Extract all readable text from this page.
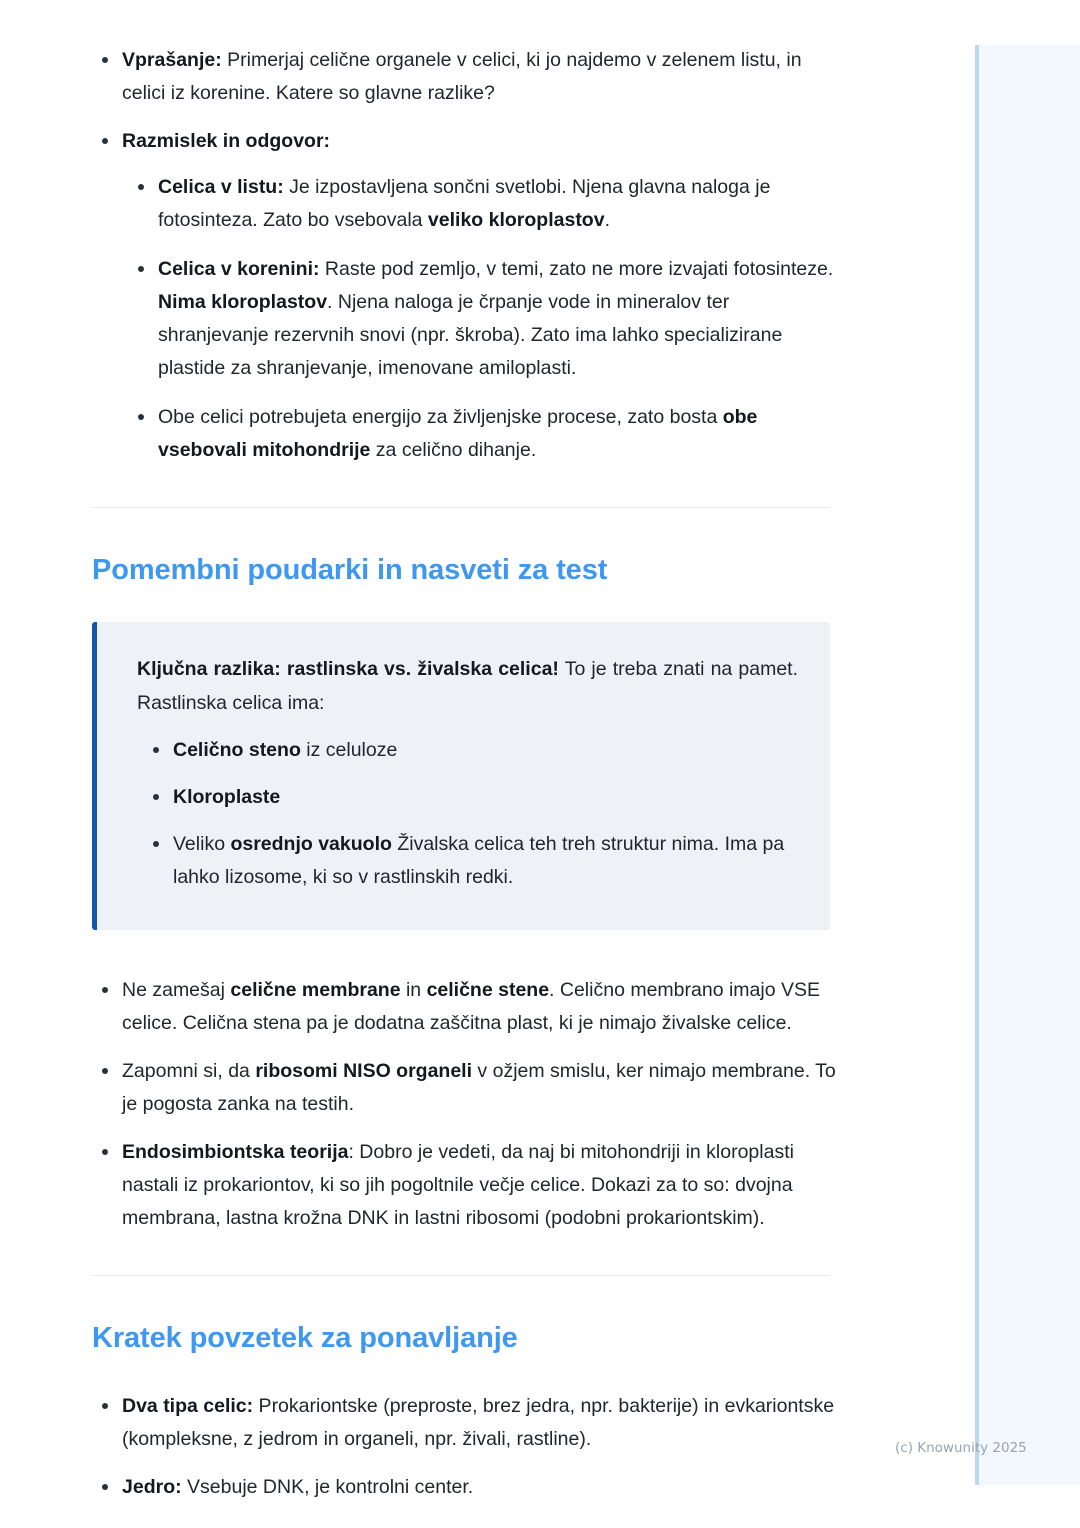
Vprašanje: Primerjaj celične organele v celici, ki jo najdemo v zelenem listu, in celici iz korenine. Katere so glavne razlike?
Razmislek in odgovor:
Celica v listu: Je izpostavljena sončni svetlobi. Njena glavna naloga je fotosinteza. Zato bo vsebovala veliko kloroplastov.
Celica v korenini: Raste pod zemljo, v temi, zato ne more izvajati fotosinteze. Nima kloroplastov. Njena naloga je črpanje vode in mineralov ter shranjevanje rezervnih snovi (npr. škroba). Zato ima lahko specializirane plastide za shranjevanje, imenovane amiloplasti.
Obe celici potrebujeta energijo za življenjske procese, zato bosta obe vsebovali mitohondrije za celično dihanje.
Pomembni poudarki in nasveti za test

Ključna razlika: rastlinska vs. živalska celica! To je treba znati na pamet. Rastlinska celica ima:

Celično steno iz celuloze
Kloroplaste
Veliko osrednjo vakuolo Živalska celica teh treh struktur nima. Ima pa lahko lizosome, ki so v rastlinskih redki.
Ne zamešaj celične membrane in celične stene. Celično membrano imajo VSE celice. Celična stena pa je dodatna zaščitna plast, ki je nimajo živalske celice.
Zapomni si, da ribosomi NISO organeli v ožjem smislu, ker nimajo membrane. To je pogosta zanka na testih.
Endosimbiontska teorija: Dobro je vedeti, da naj bi mitohondriji in kloroplasti nastali iz prokariontov, ki so jih pogoltnile večje celice. Dokazi za to so: dvojna membrana, lastna krožna DNK in lastni ribosomi (podobni prokariontskim).
Kratek povzetek za ponavljanje
Dva tipa celic: Prokariontske (preproste, brez jedra, npr. bakterije) in evkariontske (kompleksne, z jedrom in organeli, npr. živali, rastline).
Jedro: Vsebuje DNK, je kontrolni center.
(c) Knowunity 2025
